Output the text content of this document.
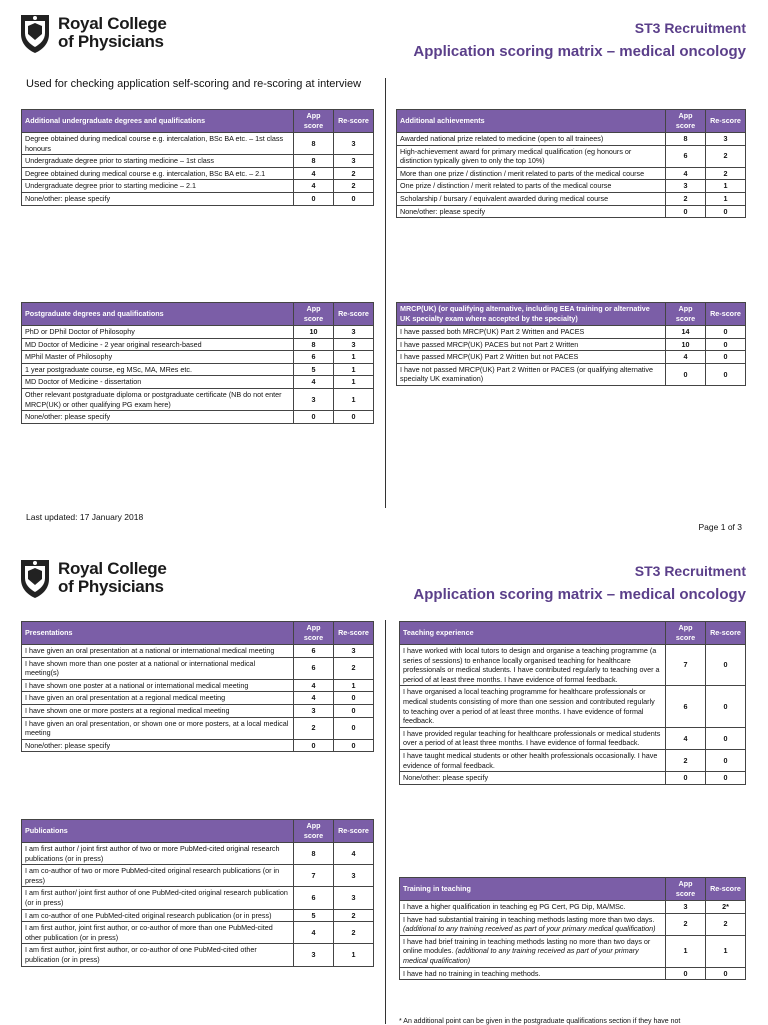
Royal College
of Physicians
ST3 Recruitment
Application scoring matrix – medical oncology
Used for checking application self-scoring and re-scoring at interview
Additional undergraduate degrees and qualifications	App score	Re-score
Degree obtained during medical course e.g. intercalation, BSc BA etc. – 1st class honours	8	3
Undergraduate degree prior to starting medicine – 1st class	8	3
Degree obtained during medical course e.g. intercalation, BSc BA etc. – 2.1	4	2
Undergraduate degree prior to starting medicine – 2.1	4	2
None/other: please specify	0	0
Additional achievements	App score	Re-score
Awarded national prize related to medicine (open to all trainees)	8	3
High-achievement award for primary medical qualification (eg honours or distinction typically given to only the top 10%)	6	2
More than one prize / distinction / merit related to parts of the medical course	4	2
One prize / distinction / merit related to parts of the medical course	3	1
Scholarship / bursary / equivalent awarded during medical course	2	1
None/other: please specify	0	0
Postgraduate degrees and qualifications	App score	Re-score
PhD or DPhil Doctor of Philosophy	10	3
MD Doctor of Medicine - 2 year original research-based	8	3
MPhil Master of Philosophy	6	1
1 year postgraduate course, eg MSc, MA, MRes etc.	5	1
MD Doctor of Medicine - dissertation	4	1
Other relevant postgraduate diploma or postgraduate certificate (NB do not enter MRCP(UK) or other qualifying PG exam here)	3	1
None/other: please specify	0	0
MRCP(UK) (or qualifying alternative, including EEA training or alternative UK specialty exam where accepted by the specialty)	App score	Re-score
I have passed both MRCP(UK) Part 2 Written and PACES	14	0
I have passed MRCP(UK) PACES but not Part 2 Written	10	0
I have passed MRCP(UK) Part 2 Written but not PACES	4	0
I have not passed MRCP(UK) Part 2 Written or PACES (or qualifying alternative specialty UK examination)	0	0
Last updated: 17 January 2018
Page 1 of 3
Royal College
of Physicians
ST3 Recruitment
Application scoring matrix – medical oncology
Presentations	App score	Re-score
I have given an oral presentation at a national or international medical meeting	6	3
I have shown more than one poster at a national or international medical meeting(s)	6	2
I have shown one poster at a national or international medical meeting	4	1
I have given an oral presentation at a regional medical meeting	4	0
I have shown one or more posters at a regional medical meeting	3	0
I have given an oral presentation, or shown one or more posters, at a local medical meeting	2	0
None/other: please specify	0	0
Teaching experience	App score	Re-score
I have worked with local tutors to design and organise a teaching programme (a series of sessions) to enhance locally organised teaching for healthcare professionals or medical students. I have contributed regularly to teaching over a period of at least three months. I have evidence of formal feedback.	7	0
I have organised a local teaching programme for healthcare professionals or medical students consisting of more than one session and contributed regularly to teaching over a period of at least three months. I have evidence of formal feedback.	6	0
I have provided regular teaching for healthcare professionals or medical students over a period of at least three months. I have evidence of formal feedback.	4	0
I have taught medical students or other health professionals occasionally. I have evidence of formal feedback.	2	0
None/other: please specify	0	0
Publications	App score	Re-score
I am first author / joint first author of two or more PubMed-cited original research publications (or in press)	8	4
I am co-author of two or more PubMed-cited original research publications (or in press)	7	3
I am first author/ joint first author of one PubMed-cited original research publication (or in press)	6	3
I am co-author of one PubMed-cited original research publication (or in press)	5	2
I am first author, joint first author, or co-author of more than one PubMed-cited other publication (or in press)	4	2
I am first author, joint first author, or co-author of one PubMed-cited other publication (or in press)	3	1
Training in teaching	App score	Re-score
I have a higher qualification in teaching eg PG Cert, PG Dip, MA/MSc.	3	2*
I have had substantial training in teaching methods lasting more than two days. (additional to any training received as part of your primary medical qualification)	2	2
I have had brief training in teaching methods lasting no more than two days or online modules. (additional to any training received as part of your primary medical qualification)	1	1
I have had no training in teaching methods.	0	0
* An additional point can be given in the postgraduate qualifications section if they have not
